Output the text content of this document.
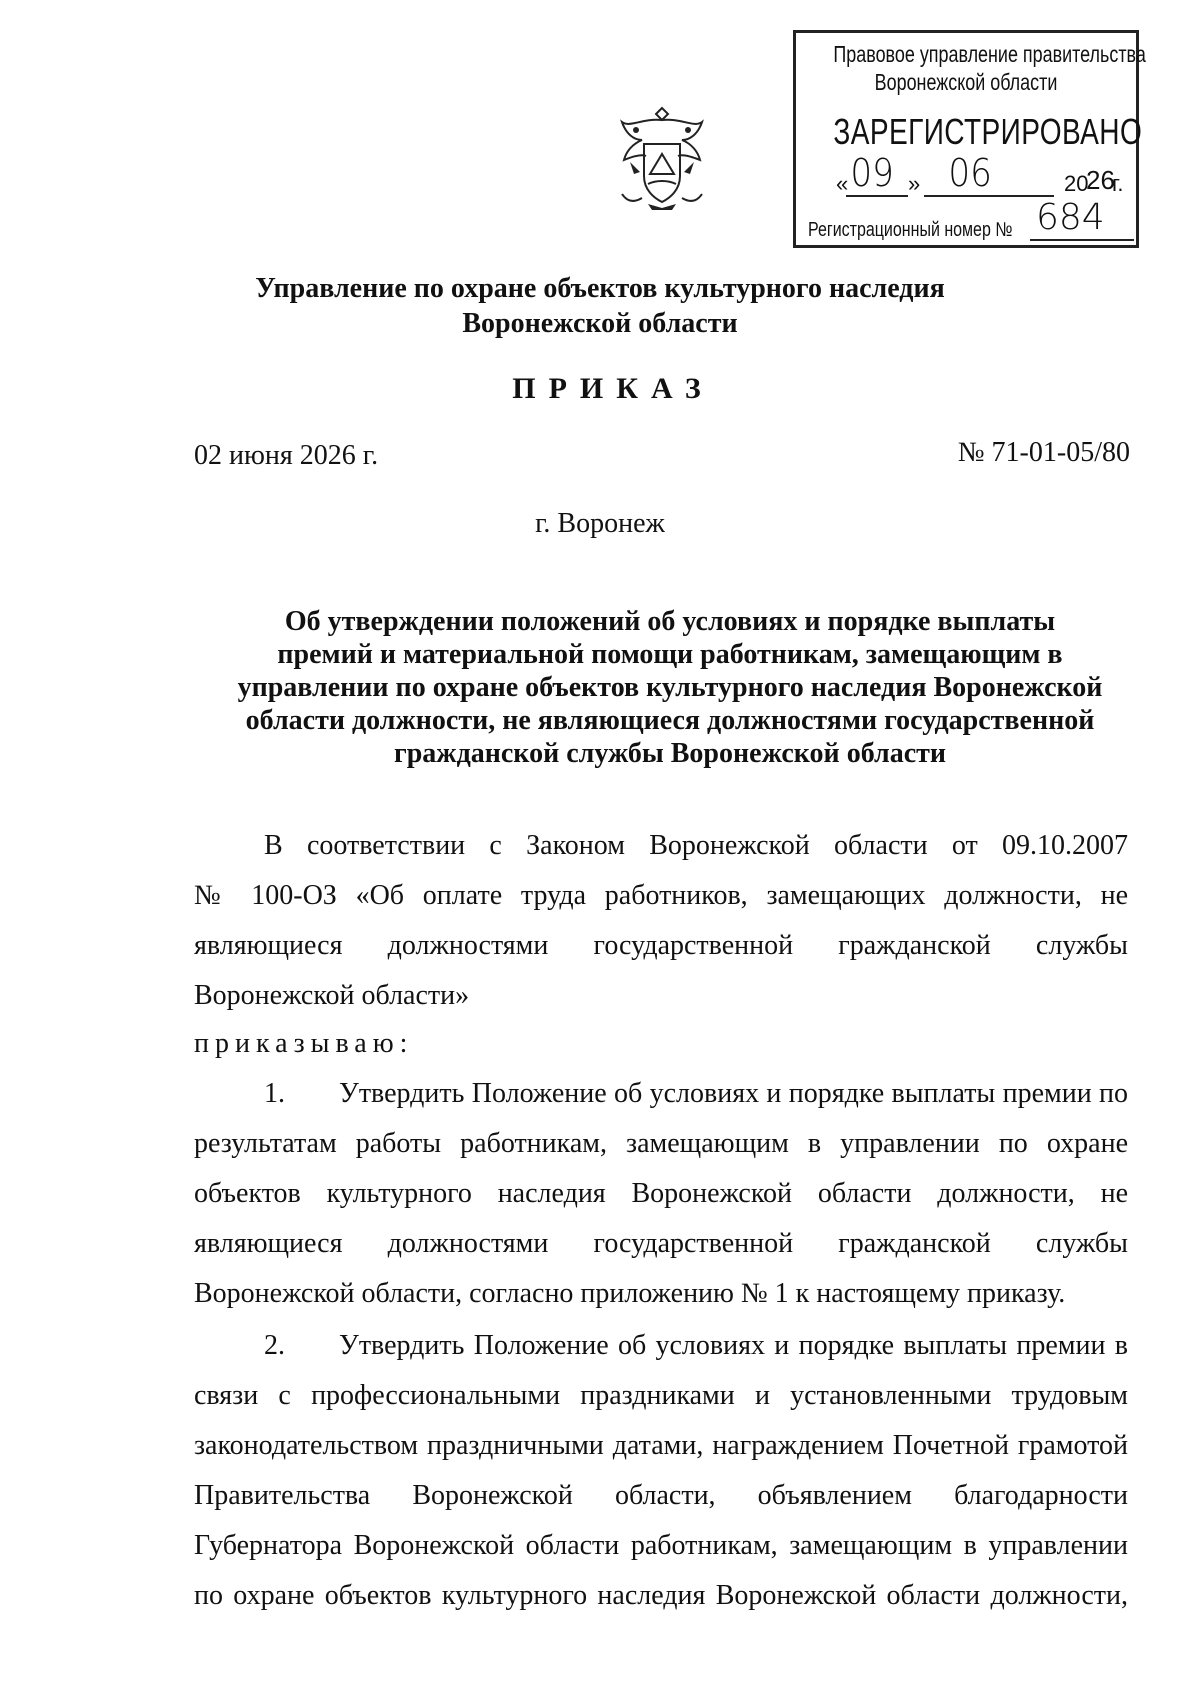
Правовое управление правительства
Воронежской области
ЗАРЕГИСТРИРОВАНО
« 09 » 06	20
26
г.
Регистрационный номер № 684
Управление по охране объектов культурного наследия
Воронежской области
ПРИКАЗ
02 июня 2026 г.	№ 71-01-05/80
г. Воронеж
Об утверждении положений об условиях и порядке выплаты
премий и материальной помощи работникам, замещающим в
управлении по охране объектов культурного наследия Воронежской
области должности, не являющиеся должностями государственной
гражданской службы Воронежской области
В соответствии с Законом Воронежской области от 09.10.2007
№ 100-ОЗ «Об оплате труда работников, замещающих должности, не
являющиеся должностями государственной гражданской службы
Воронежской области»
приказываю:
1.	Утвердить Положение об условиях и порядке выплаты премии по
результатам работы работникам, замещающим в управлении по охране
объектов культурного наследия Воронежской области должности, не
являющиеся должностями государственной гражданской службы
Воронежской области, согласно приложению № 1 к настоящему приказу.
2.	Утвердить Положение об условиях и порядке выплаты премии в
связи с профессиональными праздниками и установленными трудовым
законодательством праздничными датами, награждением Почетной грамотой
Правительства Воронежской области, объявлением благодарности
Губернатора Воронежской области работникам, замещающим в управлении
по охране объектов культурного наследия Воронежской области должности,
